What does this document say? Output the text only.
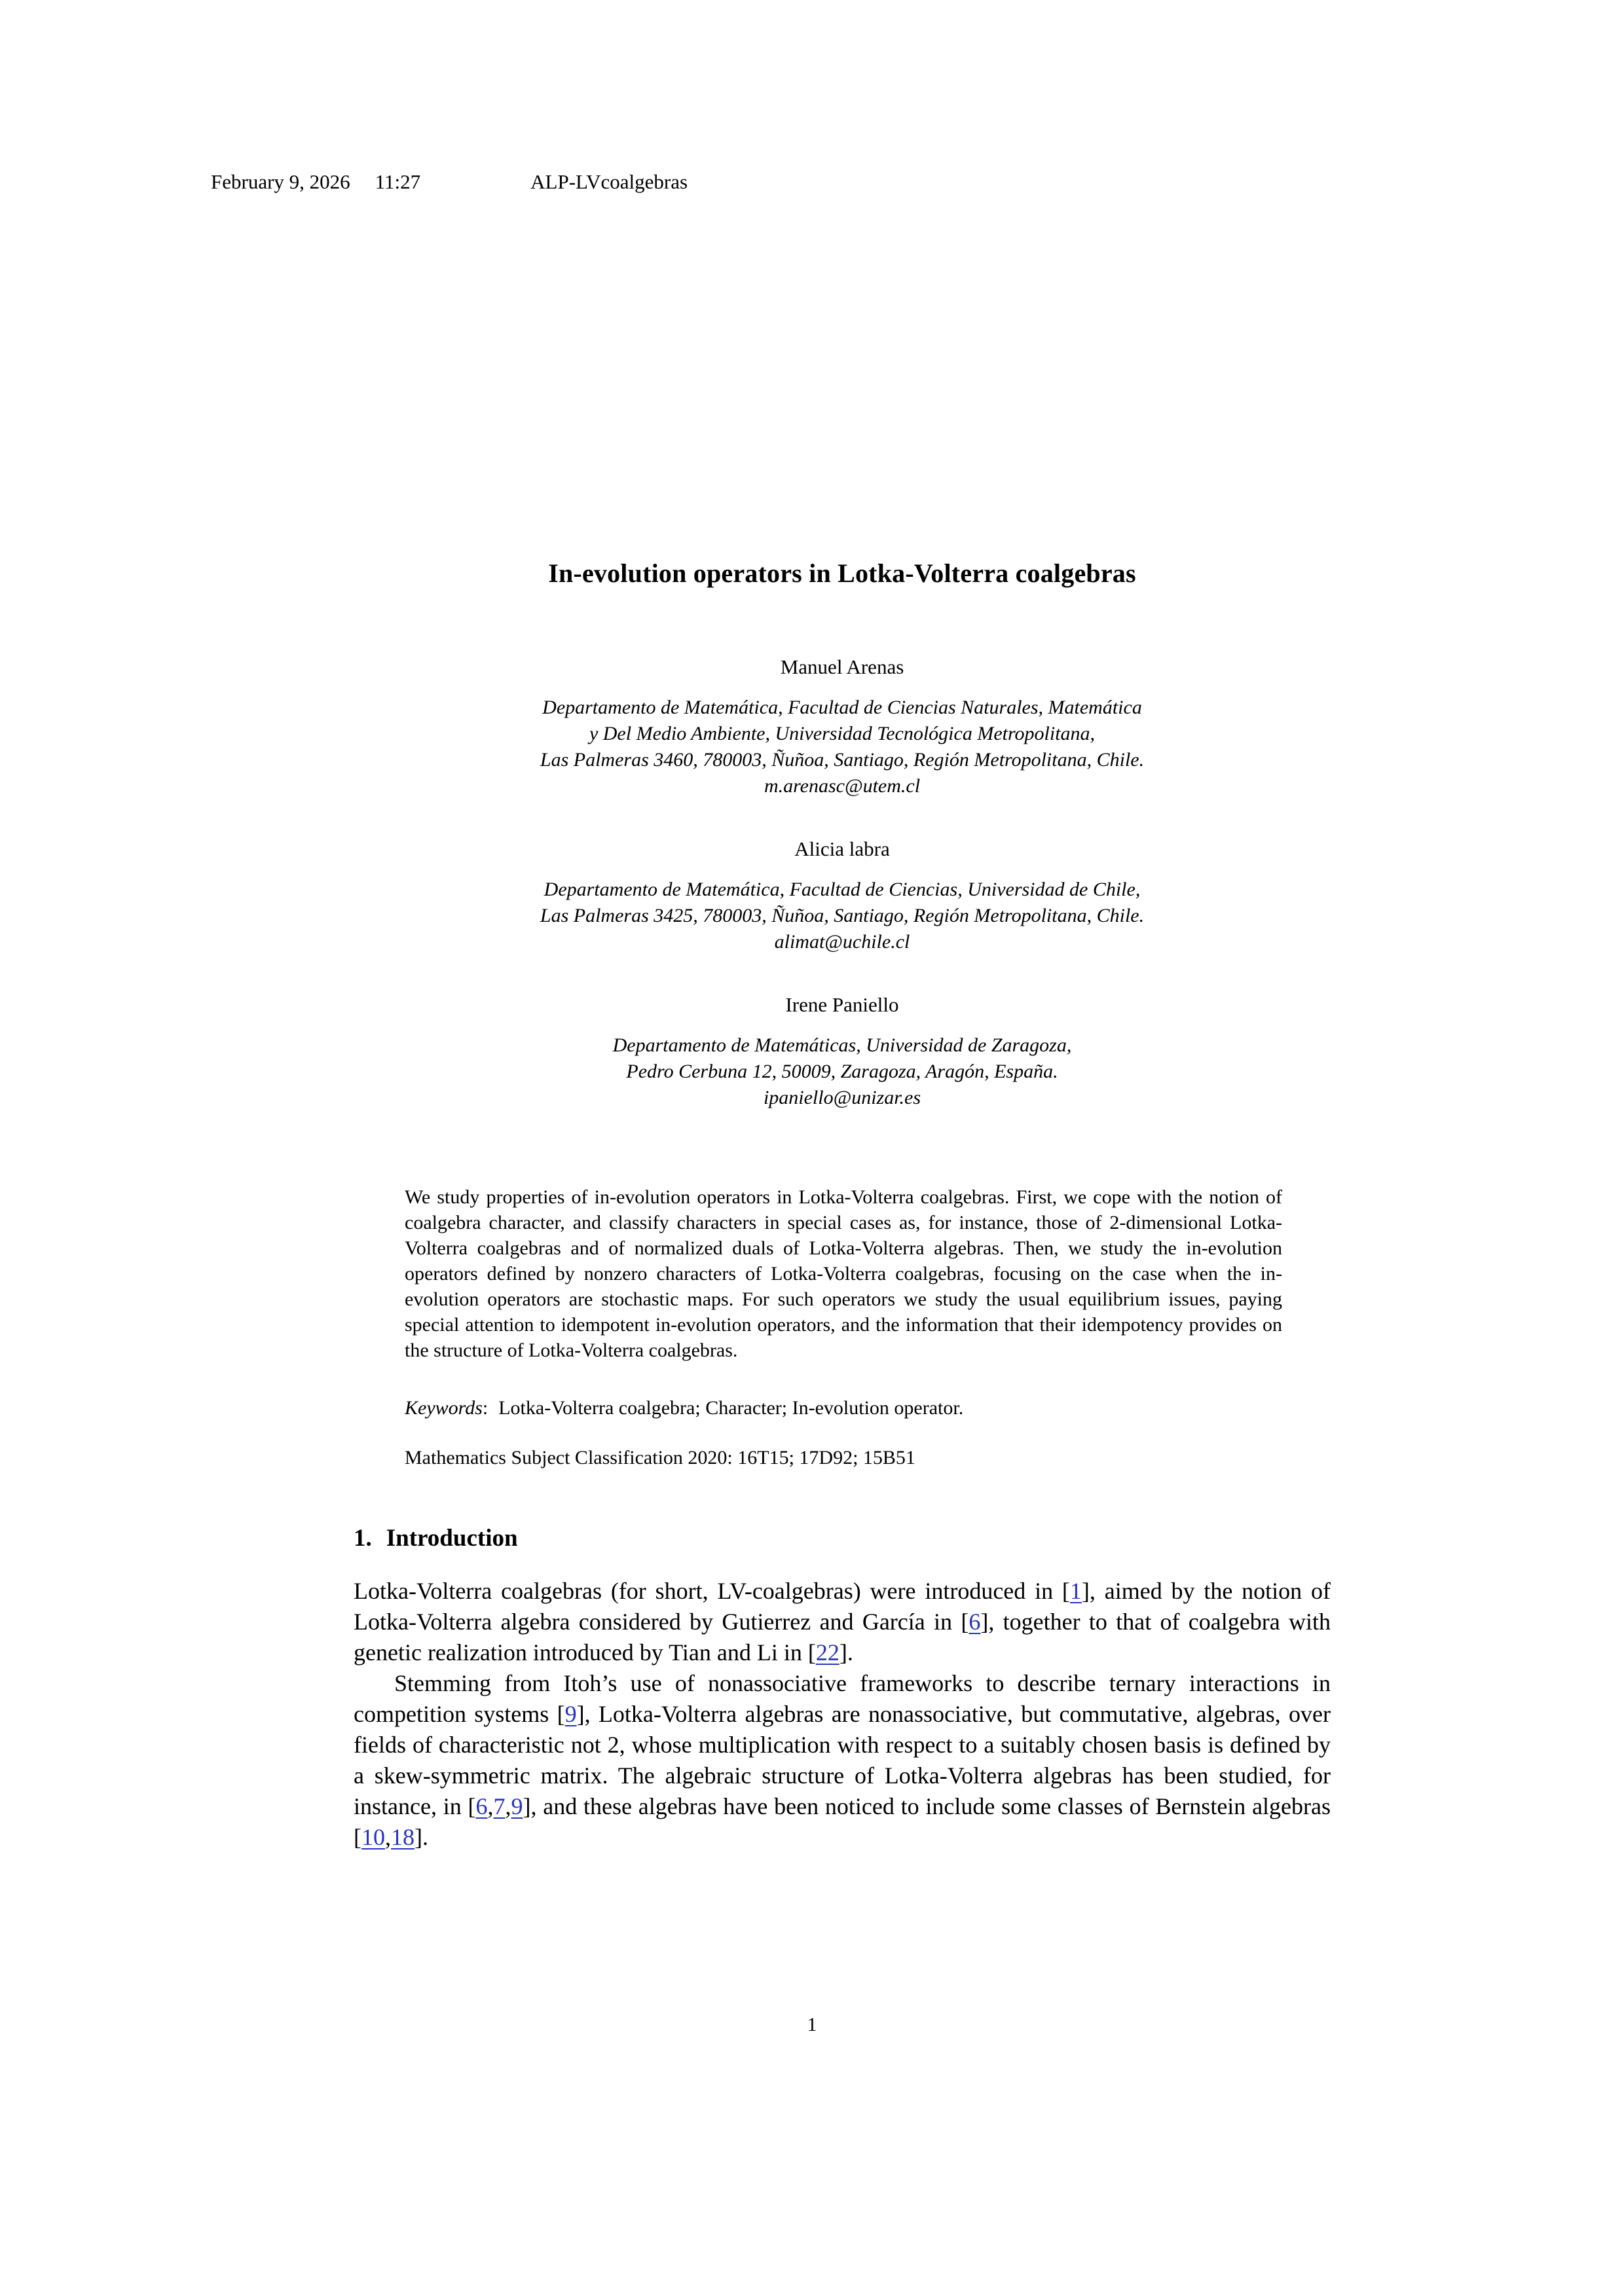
February 9, 2026 11:27	ALP-LVcoalgebras
In-evolution operators in Lotka-Volterra coalgebras
Manuel Arenas
Departamento de Matemática, Facultad de Ciencias Naturales, Matemática
y Del Medio Ambiente, Universidad Tecnológica Metropolitana,
Las Palmeras 3460, 780003, Ñuñoa, Santiago, Región Metropolitana, Chile.
m.arenasc@utem.cl
Alicia labra
Departamento de Matemática, Facultad de Ciencias, Universidad de Chile,
Las Palmeras 3425, 780003, Ñuñoa, Santiago, Región Metropolitana, Chile.
alimat@uchile.cl
Irene Paniello
Departamento de Matemáticas, Universidad de Zaragoza,
Pedro Cerbuna 12, 50009, Zaragoza, Aragón, España.
ipaniello@unizar.es

We study properties of in-evolution operators in Lotka-Volterra coalgebras. First, we cope with the notion of coalgebra character, and classify characters in special cases as, for instance, those of 2-dimensional Lotka-Volterra coalgebras and of normalized duals of Lotka-Volterra algebras. Then, we study the in-evolution operators defined by nonzero characters of Lotka-Volterra coalgebras, focusing on the case when the in-evolution operators are stochastic maps. For such operators we study the usual equilibrium issues, paying special attention to idempotent in-evolution operators, and the information that their idempotency provides on the structure of Lotka-Volterra coalgebras.

Keywords: Lotka-Volterra coalgebra; Character; In-evolution operator.

Mathematics Subject Classification 2020: 16T15; 17D92; 15B51

1. Introduction

Lotka-Volterra coalgebras (for short, LV-coalgebras) were introduced in [1], aimed by the notion of Lotka-Volterra algebra considered by Gutierrez and García in [6], together to that of coalgebra with genetic realization introduced by Tian and Li in [22].

Stemming from Itoh’s use of nonassociative frameworks to describe ternary interactions in competition systems [9], Lotka-Volterra algebras are nonassociative, but commutative, algebras, over fields of characteristic not 2, whose multiplication with respect to a suitably chosen basis is defined by a skew-symmetric matrix. The algebraic structure of Lotka-Volterra algebras has been studied, for instance, in [6,7,9], and these algebras have been noticed to include some classes of Bernstein algebras [10,18].

1
